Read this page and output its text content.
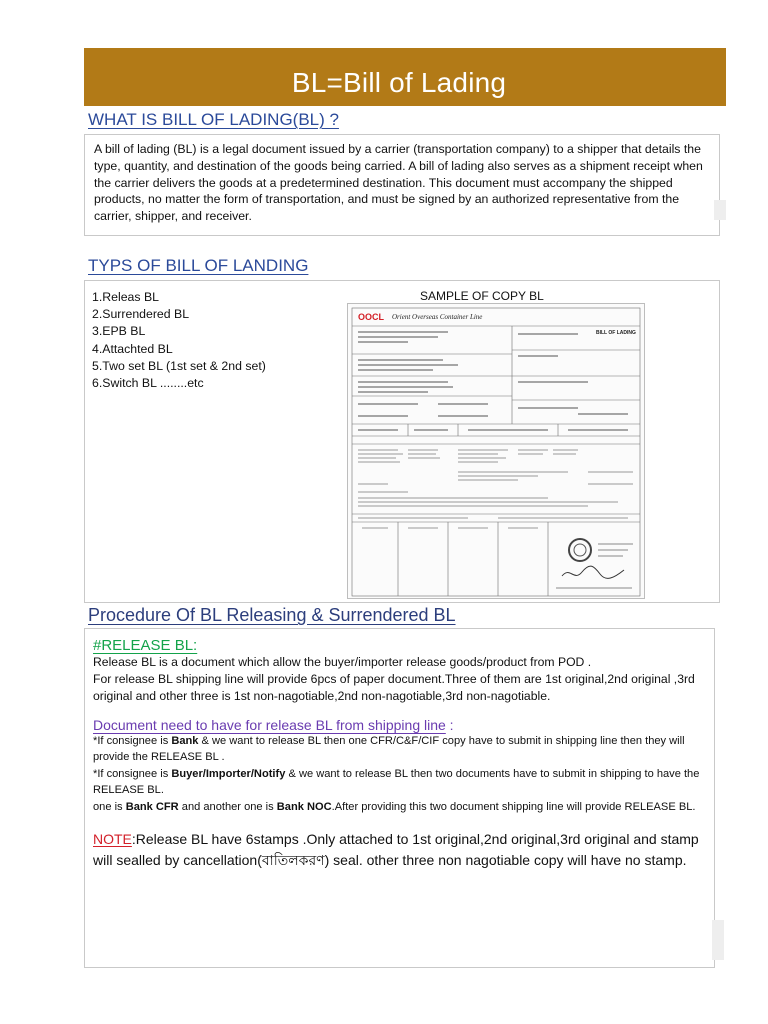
BL=Bill of Lading
WHAT IS BILL OF LADING(BL) ?

A bill of lading (BL) is a legal document issued by a carrier (transportation company) to a shipper that details the type, quantity, and destination of the goods being carried. A bill of lading also serves as a shipment receipt when the carrier delivers the goods at a predetermined destination. This document must accompany the shipped products, no matter the form of transportation, and must be signed by an authorized representative from the carrier, shipper, and receiver.

TYPS OF BILL OF LANDING
1.Releas BL
2.Surrendered BL
3.EPB BL
4.Attachted BL
5.Two set BL (1st set & 2nd set)
6.Switch BL ........etc
SAMPLE OF COPY BL
OOCL Orient Overseas Container Line
BILL OF LADING
Procedure Of BL Releasing & Surrendered BL
#RELEASE BL:

Release BL is a document which allow the buyer/importer release goods/product from POD .

For release BL shipping line will provide 6pcs of paper document.Three of them are 1st original,2nd original ,3rd original and other three is 1st non-nagotiable,2nd non-nagotiable,3rd non-nagotiable.

Document need to have for release BL from shipping line :

*If consignee is Bank & we want to release BL then one CFR/C&F/CIF copy have to submit in shipping line then they will provide the RELEASE BL .

*If consignee is Buyer/Importer/Notify & we want to release BL then two documents have to submit in shipping to have the RELEASE BL.

one is Bank CFR and another one is Bank NOC.After providing this two document shipping line will provide RELEASE BL.

NOTE:Release BL have 6stamps .Only attached to 1st original,2nd original,3rd original and stamp will sealled by cancellation(বাতিলকরণ) seal. other three non nagotiable copy will have no stamp.
